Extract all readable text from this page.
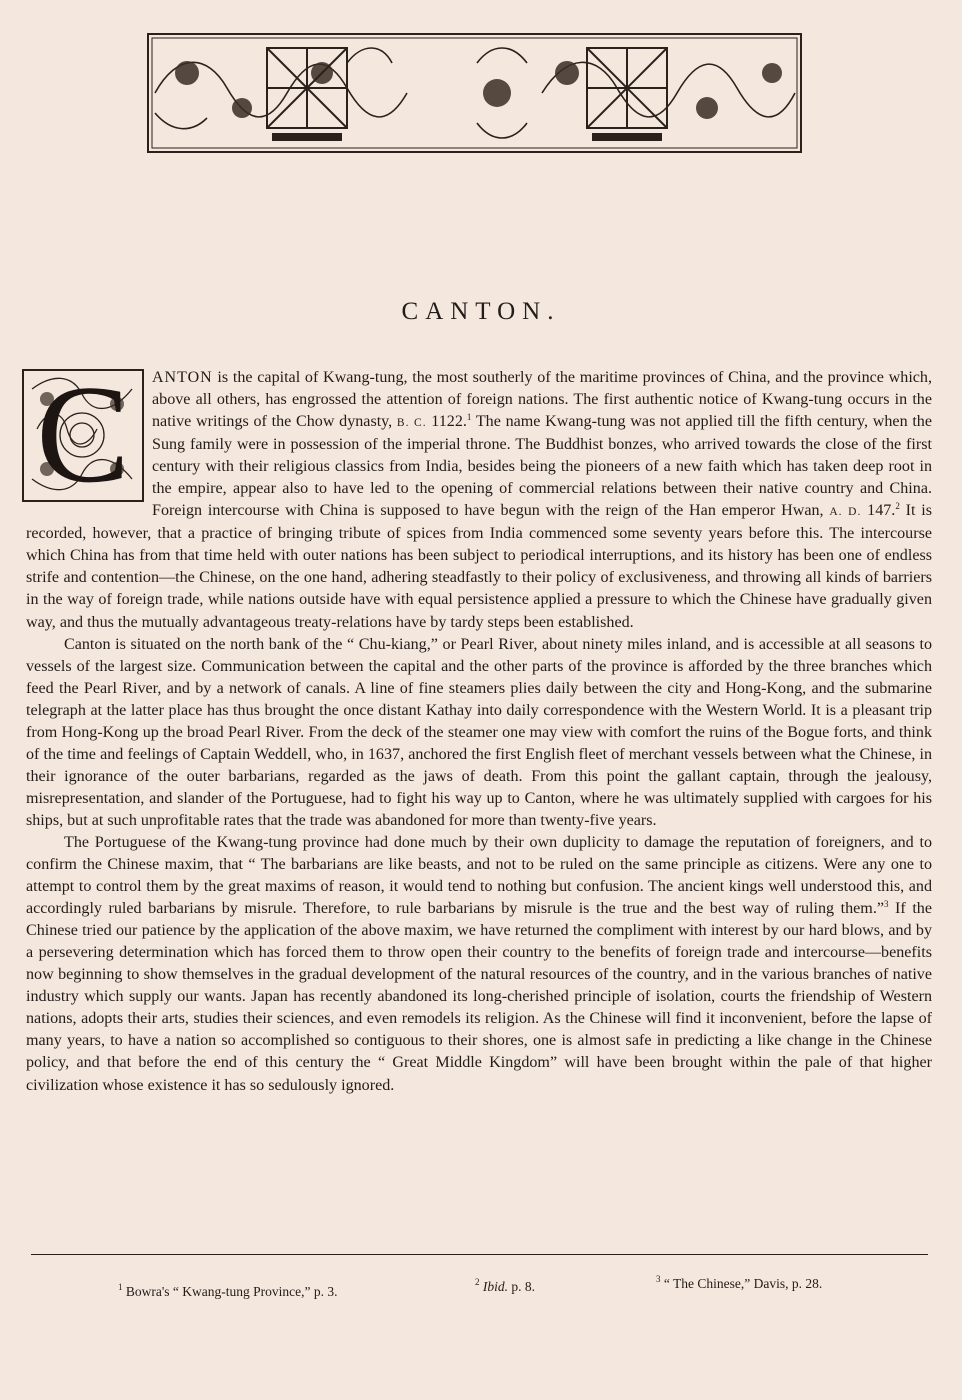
CANTON.

C ANTON is the capital of Kwang-tung, the most southerly of the maritime provinces of China, and the province which, above all others, has engrossed the attention of foreign nations. The first authentic notice of Kwang-tung occurs in the native writings of the Chow dynasty, B. C. 1122.$^1$ The name Kwang-tung was not applied till the fifth century, when the Sung family were in possession of the imperial throne. The Buddhist bonzes, who arrived towards the close of the first century with their religious classics from India, besides being the pioneers of a new faith which has taken deep root in the empire, appear also to have led to the opening of commercial relations between their native country and China. Foreign intercourse with China is supposed to have begun with the reign of the Han emperor Hwan, A. D. 147.$^2$ It is recorded, however, that a practice of bringing tribute of spices from India commenced some seventy years before this. The intercourse which China has from that time held with outer nations has been subject to periodical interruptions, and its history has been one of endless strife and contention—the Chinese, on the one hand, adhering steadfastly to their policy of exclusiveness, and throwing all kinds of barriers in the way of foreign trade, while nations outside have with equal persistence applied a pressure to which the Chinese have gradually given way, and thus the mutually advantageous treaty-relations have by tardy steps been established.

Canton is situated on the north bank of the “ Chu-kiang,” or Pearl River, about ninety miles inland, and is accessible at all seasons to vessels of the largest size. Communication between the capital and the other parts of the province is afforded by the three branches which feed the Pearl River, and by a network of canals. A line of fine steamers plies daily between the city and Hong-Kong, and the submarine telegraph at the latter place has thus brought the once distant Kathay into daily correspondence with the Western World. It is a pleasant trip from Hong-Kong up the broad Pearl River. From the deck of the steamer one may view with comfort the ruins of the Bogue forts, and think of the time and feelings of Captain Weddell, who, in 1637, anchored the first English fleet of merchant vessels between what the Chinese, in their ignorance of the outer barbarians, regarded as the jaws of death. From this point the gallant captain, through the jealousy, misrepresentation, and slander of the Portuguese, had to fight his way up to Canton, where he was ultimately supplied with cargoes for his ships, but at such unprofitable rates that the trade was abandoned for more than twenty-five years.

The Portuguese of the Kwang-tung province had done much by their own duplicity to damage the reputation of foreigners, and to confirm the Chinese maxim, that “ The barbarians are like beasts, and not to be ruled on the same principle as citizens. Were any one to attempt to control them by the great maxims of reason, it would tend to nothing but confusion. The ancient kings well understood this, and accordingly ruled barbarians by misrule. Therefore, to rule barbarians by misrule is the true and the best way of ruling them.”$^3$ If the Chinese tried our patience by the application of the above maxim, we have returned the compliment with interest by our hard blows, and by a persevering determination which has forced them to throw open their country to the benefits of foreign trade and intercourse—benefits now beginning to show themselves in the gradual development of the natural resources of the country, and in the various branches of native industry which supply our wants. Japan has recently abandoned its long-cherished principle of isolation, courts the friendship of Western nations, adopts their arts, studies their sciences, and even remodels its religion. As the Chinese will find it inconvenient, before the lapse of many years, to have a nation so accomplished so contiguous to their shores, one is almost safe in predicting a like change in the Chinese policy, and that before the end of this century the “ Great Middle Kingdom” will have been brought within the pale of that higher civilization whose existence it has so sedulously ignored.

$^1$ Bowra's “ Kwang-tung Province,” p. 3.
$^2$ Ibid. p. 8.	$^3$ “ The Chinese,” Davis, p. 28.
